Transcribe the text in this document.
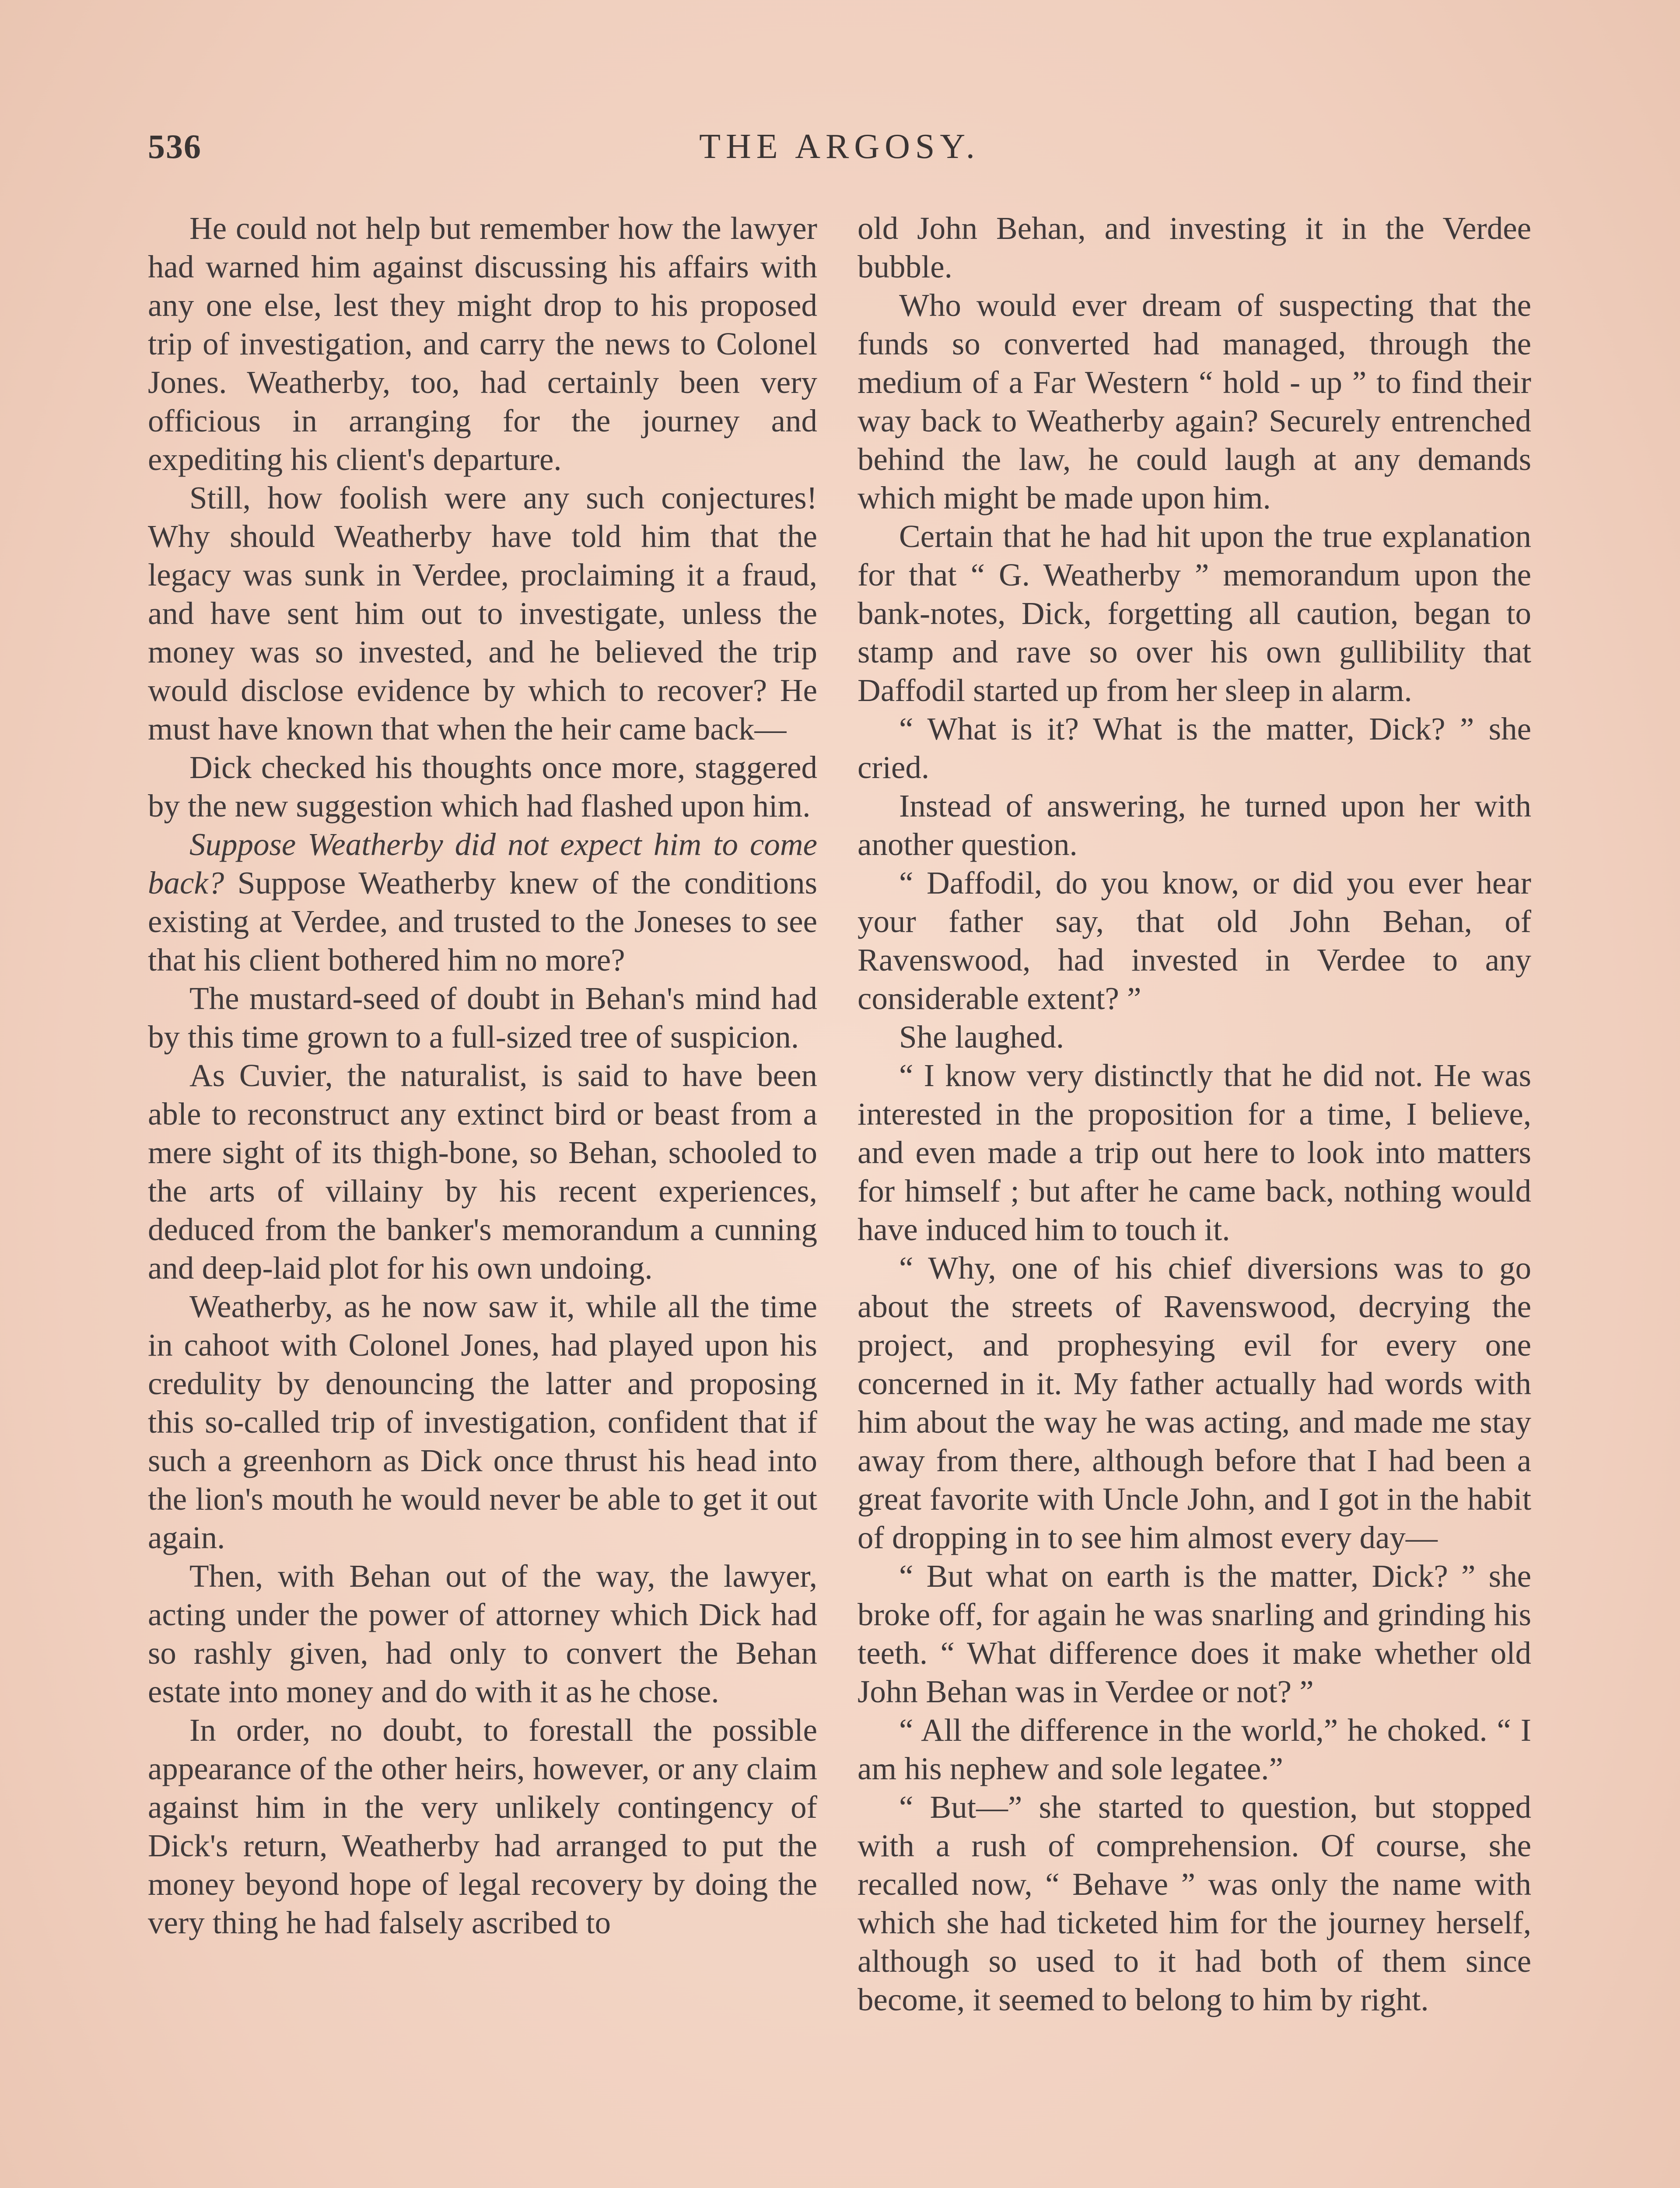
536	THE ARGOSY.

He could not help but remember how the lawyer had warned him against discussing his affairs with any one else, lest they might drop to his proposed trip of investigation, and carry the news to Colonel Jones. Weatherby, too, had certainly been very officious in arranging for the journey and expediting his client's departure.

Still, how foolish were any such conjectures! Why should Weatherby have told him that the legacy was sunk in Verdee, proclaiming it a fraud, and have sent him out to investigate, unless the money was so invested, and he believed the trip would disclose evidence by which to recover? He must have known that when the heir came back—

Dick checked his thoughts once more, staggered by the new suggestion which had flashed upon him.

Suppose Weatherby did not expect him to come back? Suppose Weatherby knew of the conditions existing at Verdee, and trusted to the Joneses to see that his client bothered him no more?

The mustard-seed of doubt in Behan's mind had by this time grown to a full-sized tree of suspicion.

As Cuvier, the naturalist, is said to have been able to reconstruct any extinct bird or beast from a mere sight of its thigh-bone, so Behan, schooled to the arts of villainy by his recent experiences, deduced from the banker's memorandum a cunning and deep-laid plot for his own undoing.

Weatherby, as he now saw it, while all the time in cahoot with Colonel Jones, had played upon his credulity by denouncing the latter and proposing this so-called trip of investigation, confident that if such a greenhorn as Dick once thrust his head into the lion's mouth he would never be able to get it out again.

Then, with Behan out of the way, the lawyer, acting under the power of attorney which Dick had so rashly given, had only to convert the Behan estate into money and do with it as he chose.

In order, no doubt, to forestall the possible appearance of the other heirs, however, or any claim against him in the very unlikely contingency of Dick's return, Weatherby had arranged to put the money beyond hope of legal recovery by doing the very thing he had falsely ascribed to

old John Behan, and investing it in the Verdee bubble.

Who would ever dream of suspecting that the funds so converted had managed, through the medium of a Far Western “ hold - up ” to find their way back to Weatherby again? Securely entrenched behind the law, he could laugh at any demands which might be made upon him.

Certain that he had hit upon the true explanation for that “ G. Weatherby ” memorandum upon the bank-notes, Dick, forgetting all caution, began to stamp and rave so over his own gullibility that Daffodil started up from her sleep in alarm.

“ What is it? What is the matter, Dick? ” she cried.

Instead of answering, he turned upon her with another question.

“ Daffodil, do you know, or did you ever hear your father say, that old John Behan, of Ravenswood, had invested in Verdee to any considerable extent? ”

She laughed.

“ I know very distinctly that he did not. He was interested in the proposition for a time, I believe, and even made a trip out here to look into matters for himself ; but after he came back, nothing would have induced him to touch it.

“ Why, one of his chief diversions was to go about the streets of Ravenswood, decrying the project, and prophesying evil for every one concerned in it. My father actually had words with him about the way he was acting, and made me stay away from there, although before that I had been a great favorite with Uncle John, and I got in the habit of dropping in to see him almost every day—

“ But what on earth is the matter, Dick? ” she broke off, for again he was snarling and grinding his teeth. “ What difference does it make whether old John Behan was in Verdee or not? ”

“ All the difference in the world,” he choked. “ I am his nephew and sole legatee.”

“ But—” she started to question, but stopped with a rush of comprehension. Of course, she recalled now, “ Behave ” was only the name with which she had ticketed him for the journey herself, although so used to it had both of them since become, it seemed to belong to him by right.
